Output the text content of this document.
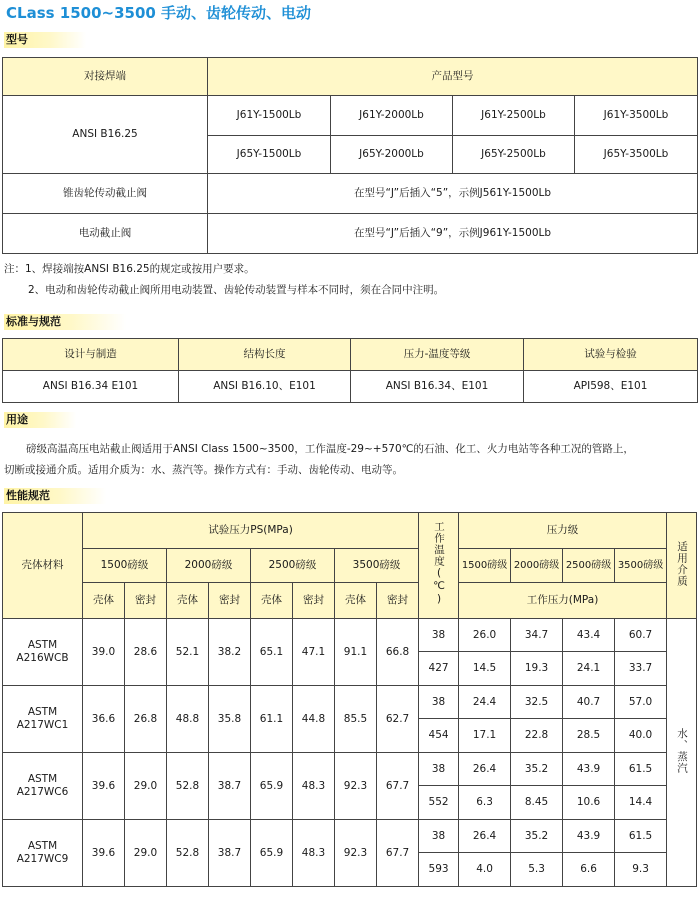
CLass 1500~3500 手动、齿轮传动、电动
型号
对接焊端	产品型号			
ANSI B16.25	J61Y-1500Lb	J61Y-2000Lb	J61Y-2500Lb	J61Y-3500Lb
	J65Y-1500Lb	J65Y-2000Lb	J65Y-2500Lb	J65Y-3500Lb
锥齿轮传动截止阀	在型号“J”后插入“5”，示例J561Y-1500Lb			
电动截止阀	在型号“J”后插入“9”，示例J961Y-1500Lb			
注：1、焊接端按ANSI B16.25的规定或按用户要求。
2、电动和齿轮传动截止阀所用电动装置、齿轮传动装置与样本不同时，须在合同中注明。
标准与规范
设计与制造	结构长度	压力-温度等级	试验与检验
ANSI B16.34 E101	ANSI B16.10、E101	ANSI B16.34、E101	API598、E101
用途
磅级高温高压电站截止阀适用于ANSI Class 1500~3500，工作温度-29~+570℃的石油、化工、火力电站等各种工况的管路上，
切断或接通介质。适用介质为：水、蒸汽等。操作方式有：手动、齿轮传动、电动等。
性能规范
壳体材料	试验压力PS(MPa)								工作温度(℃)	压力级				适用介质
	1500磅级		2000磅级		2500磅级		3500磅级			1500磅级	2000磅级	2500磅级	3500磅级	
	壳体	密封	壳体	密封	壳体	密封	壳体	密封		工作压力(MPa)				

ASTM
A216WCB	39.0	28.6	52.1	38.2	65.1	47.1	91.1	66.8	38	26.0	34.7	43.4	60.7	水、蒸汽
									427	14.5	19.3	24.1	33.7	

ASTM
A217WC1	36.6	26.8	48.8	35.8	61.1	44.8	85.5	62.7	38	24.4	32.5	40.7	57.0	
									454	17.1	22.8	28.5	40.0	

ASTM
A217WC6	39.6	29.0	52.8	38.7	65.9	48.3	92.3	67.7	38	26.4	35.2	43.9	61.5	
									552	6.3	8.45	10.6	14.4	

ASTM
A217WC9	39.6	29.0	52.8	38.7	65.9	48.3	92.3	67.7	38	26.4	35.2	43.9	61.5	
									593	4.0	5.3	6.6	9.3	
